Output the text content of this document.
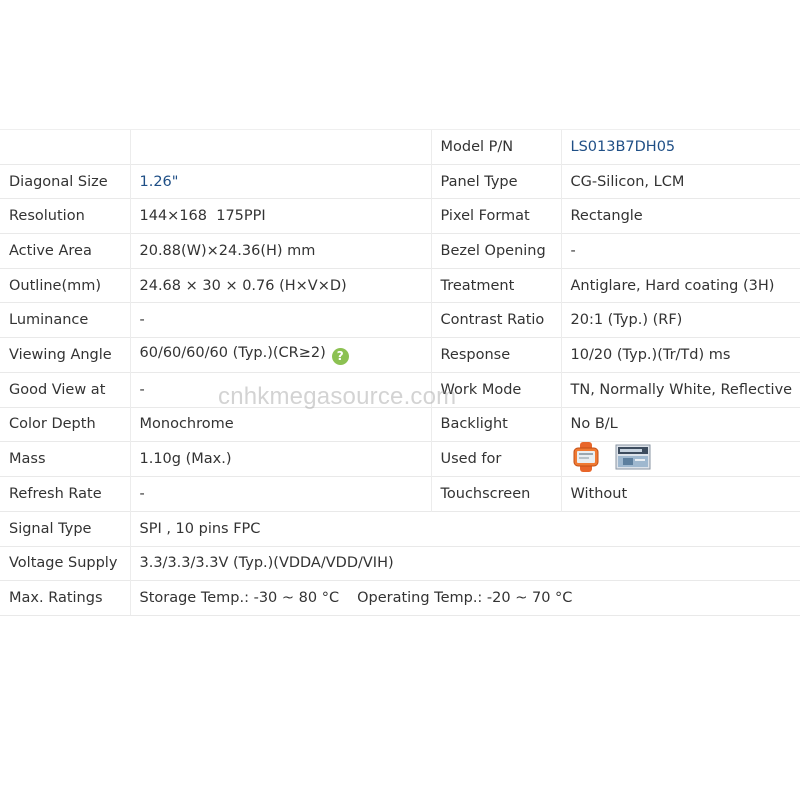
		Model P/N	LS013B7DH05
Diagonal Size	1.26"	Panel Type	CG-Silicon, LCM
Resolution	144×168  175PPI	Pixel Format	Rectangle
Active Area	20.88(W)×24.36(H) mm	Bezel Opening	-
Outline(mm)	24.68 × 30 × 0.76 (H×V×D)	Treatment	Antiglare, Hard coating (3H)
Luminance	-	Contrast Ratio	20:1 (Typ.) (RF)
Viewing Angle	60/60/60/60 (Typ.)(CR≥2) ?	Response	10/20 (Typ.)(Tr/Td) ms
Good View at	-	Work Mode	TN, Normally White, Reflective
Color Depth	Monochrome	Backlight	No B/L
Mass	1.10g (Max.)	Used for	
Refresh Rate	-	Touchscreen	Without
Signal Type	SPI , 10 pins FPC		
Voltage Supply	3.3/3.3/3.3V (Typ.)(VDDA/VDD/VIH)		
Max. Ratings	Storage Temp.: -30 ~ 80 °C Operating Temp.: -20 ~ 70 °C		
cnhkmegasource.com
